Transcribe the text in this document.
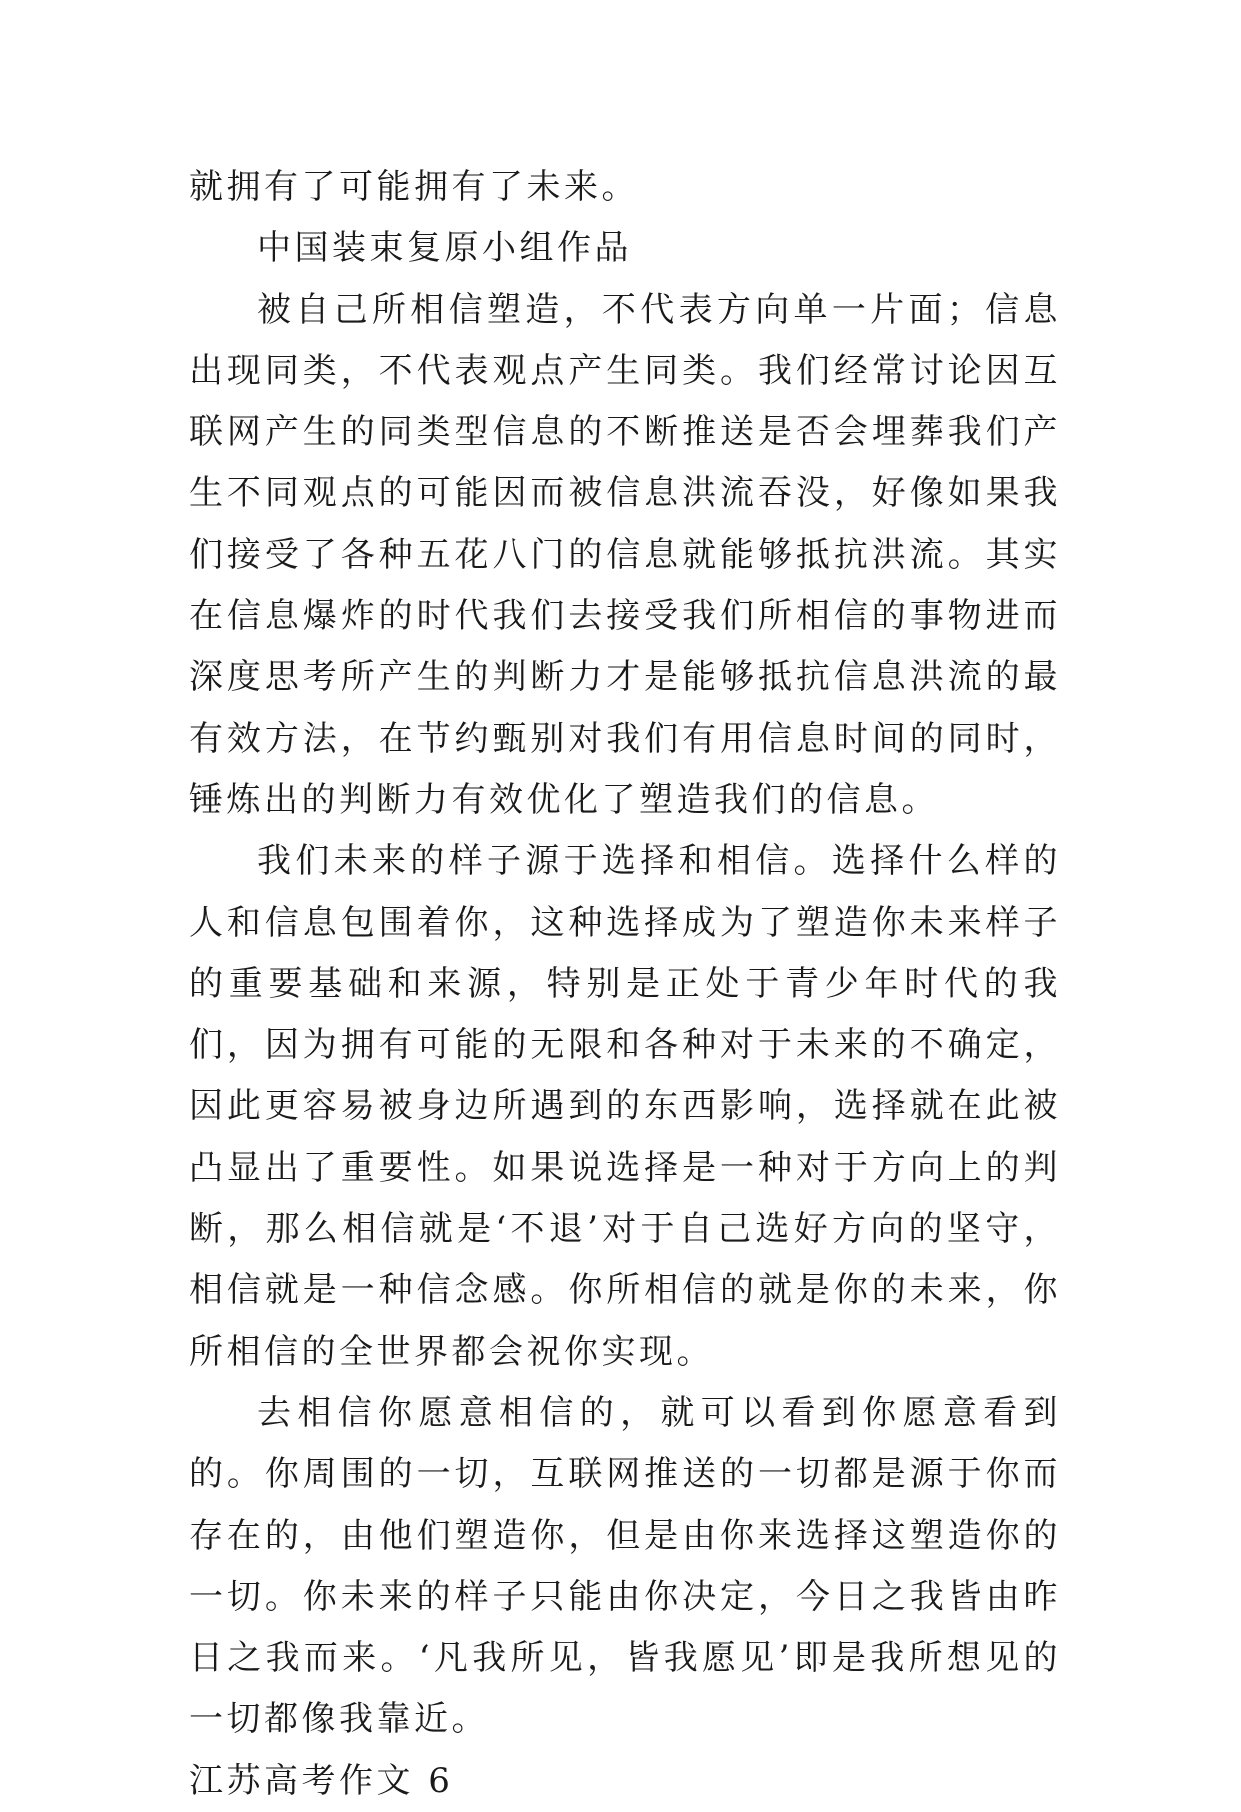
就拥有了可能拥有了未来。

中国装束复原小组作品

被自己所相信塑造，不代表方向单一片面；信息出现同类，不代表观点产生同类。我们经常讨论因互联网产生的同类型信息的不断推送是否会埋葬我们产生不同观点的可能因而被信息洪流吞没，好像如果我们接受了各种五花八门的信息就能够抵抗洪流。其实在信息爆炸的时代我们去接受我们所相信的事物进而深度思考所产生的判断力才是能够抵抗信息洪流的最有效方法，在节约甄别对我们有用信息时间的同时，锤炼出的判断力有效优化了塑造我们的信息。

我们未来的样子源于选择和相信。选择什么样的人和信息包围着你，这种选择成为了塑造你未来样子的重要基础和来源，特别是正处于青少年时代的我们，因为拥有可能的无限和各种对于未来的不确定，因此更容易被身边所遇到的东西影响，选择就在此被凸显出了重要性。如果说选择是一种对于方向上的判断，那么相信就是‘不退’对于自己选好方向的坚守，相信就是一种信念感。你所相信的就是你的未来，你所相信的全世界都会祝你实现。

去相信你愿意相信的，就可以看到你愿意看到的。你周围的一切，互联网推送的一切都是源于你而存在的，由他们塑造你，但是由你来选择这塑造你的一切。你未来的样子只能由你决定，今日之我皆由昨日之我而来。‘凡我所见，皆我愿见’即是我所想见的一切都像我靠近。

江苏高考作文 6
